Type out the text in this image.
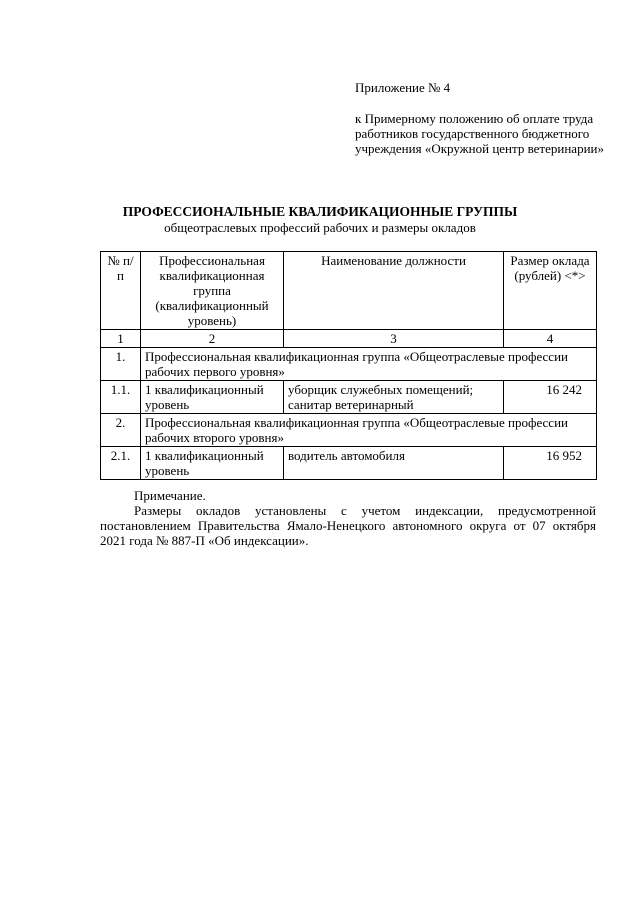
Приложение № 4

к Примерному положению об оплате труда работников государственного бюджетного учреждения «Окружной центр ветеринарии»

ПРОФЕССИОНАЛЬНЫЕ КВАЛИФИКАЦИОННЫЕ ГРУППЫ
общеотраслевых профессий рабочих и размеры окладов
№ п/п	Профессиональная квалификационная группа (квалификационный уровень)	Наименование должности	Размер оклада (рублей) <*>
1	2	3	4
1.	Профессиональная квалификационная группа «Общеотраслевые профессии рабочих первого уровня»		
1.1.	1 квалификационный уровень	уборщик служебных помещений; санитар ветеринарный	16 242
2.	Профессиональная квалификационная группа «Общеотраслевые профессии рабочих второго уровня»		
2.1.	1 квалификационный уровень	водитель автомобиля	16 952

Примечание.

Размеры окладов установлены с учетом индексации, предусмотренной постановлением Правительства Ямало-Ненецкого автономного округа от 07 октября 2021 года № 887-П «Об индексации».
